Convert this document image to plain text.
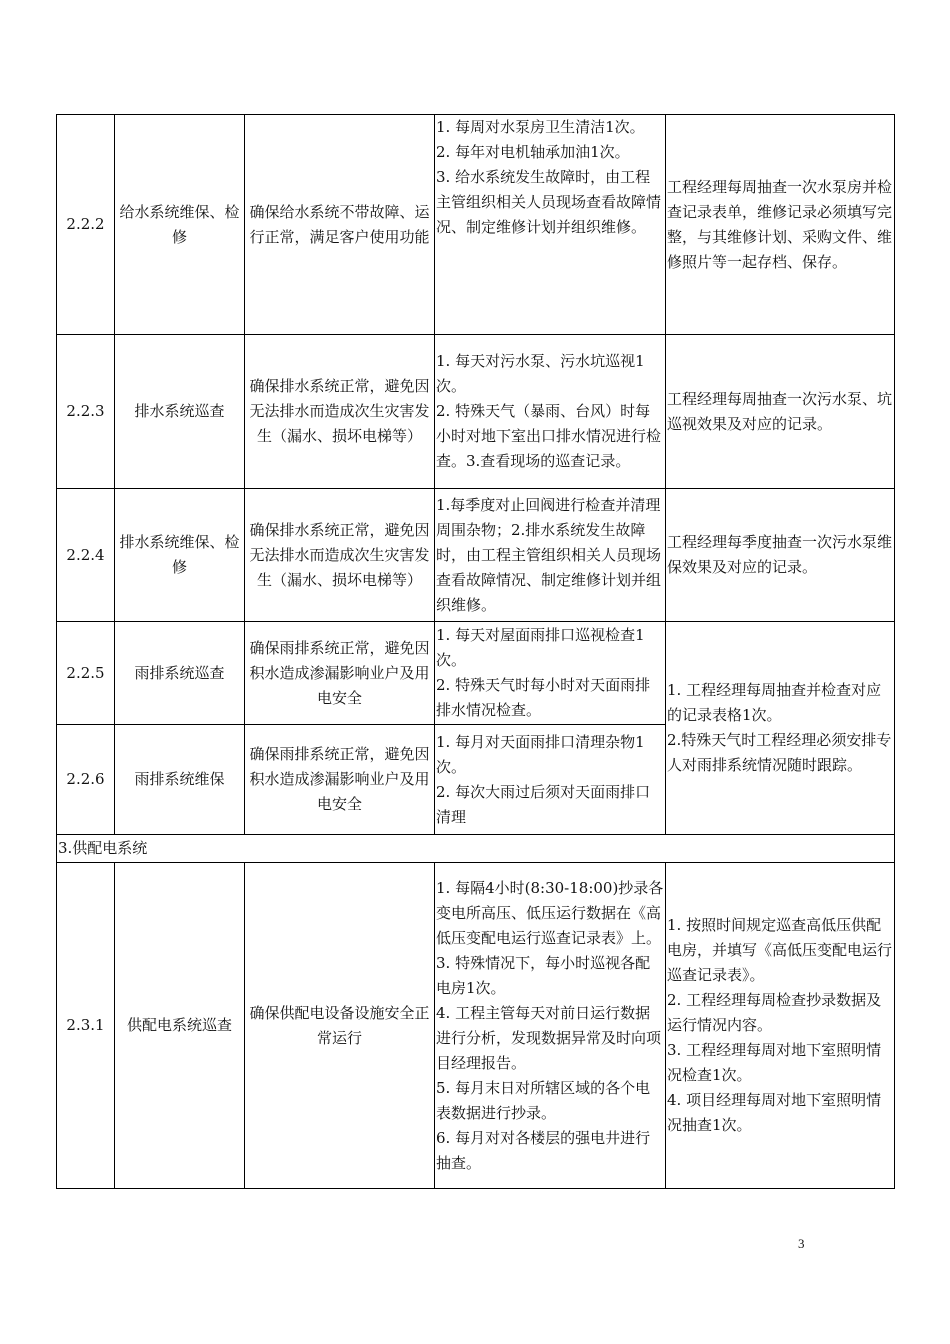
2.2.2	给水系统维保、检修	确保给水系统不带故障、运行正常，满足客户使用功能	1. 每周对水泵房卫生清洁1次。
2. 每年对电机轴承加油1次。
3. 给水系统发生故障时，由工程主管组织相关人员现场查看故障情况、制定维修计划并组织维修。	工程经理每周抽查一次水泵房并检查记录表单，维修记录必须填写完整，与其维修计划、采购文件、维修照片等一起存档、保存。

2.2.3	排水系统巡查	确保排水系统正常，避免因无法排水而造成次生灾害发生（漏水、损坏电梯等）	1. 每天对污水泵、污水坑巡视1次。
2. 特殊天气（暴雨、台风）时每小时对地下室出口排水情况进行检查。3.查看现场的巡查记录。	工程经理每周抽查一次污水泵、坑巡视效果及对应的记录。

2.2.4	排水系统维保、检修	确保排水系统正常，避免因无法排水而造成次生灾害发生（漏水、损坏电梯等）	1.每季度对止回阀进行检查并清理周围杂物；2.排水系统发生故障时，由工程主管组织相关人员现场查看故障情况、制定维修计划并组织维修。	工程经理每季度抽查一次污水泵维保效果及对应的记录。

2.2.5	雨排系统巡查	确保雨排系统正常，避免因积水造成渗漏影响业户及用电安全	1. 每天对屋面雨排口巡视检查1次。
2. 特殊天气时每小时对天面雨排排水情况检查。	1. 工程经理每周抽查并检查对应的记录表格1次。
2.特殊天气时工程经理必须安排专人对雨排系统情况随时跟踪。

2.2.6	雨排系统维保	确保雨排系统正常，避免因积水造成渗漏影响业户及用电安全	1. 每月对天面雨排口清理杂物1次。
2. 每次大雨过后须对天面雨排口清理	

3.供配电系统				
2.3.1	供配电系统巡查	确保供配电设备设施安全正常运行	1. 每隔4小时(8:30-18:00)抄录各变电所高压、低压运行数据在《高低压变配电运行巡查记录表》上。
3. 特殊情况下，每小时巡视各配电房1次。
4. 工程主管每天对前日运行数据进行分析，发现数据异常及时向项目经理报告。
5. 每月末日对所辖区域的各个电表数据进行抄录。
6. 每月对对各楼层的强电井进行抽查。	1. 按照时间规定巡查高低压供配电房，并填写《高低压变配电运行巡查记录表》。
2. 工程经理每周检查抄录数据及运行情况内容。
3. 工程经理每周对地下室照明情况检查1次。
4. 项目经理每周对地下室照明情况抽查1次。
3
